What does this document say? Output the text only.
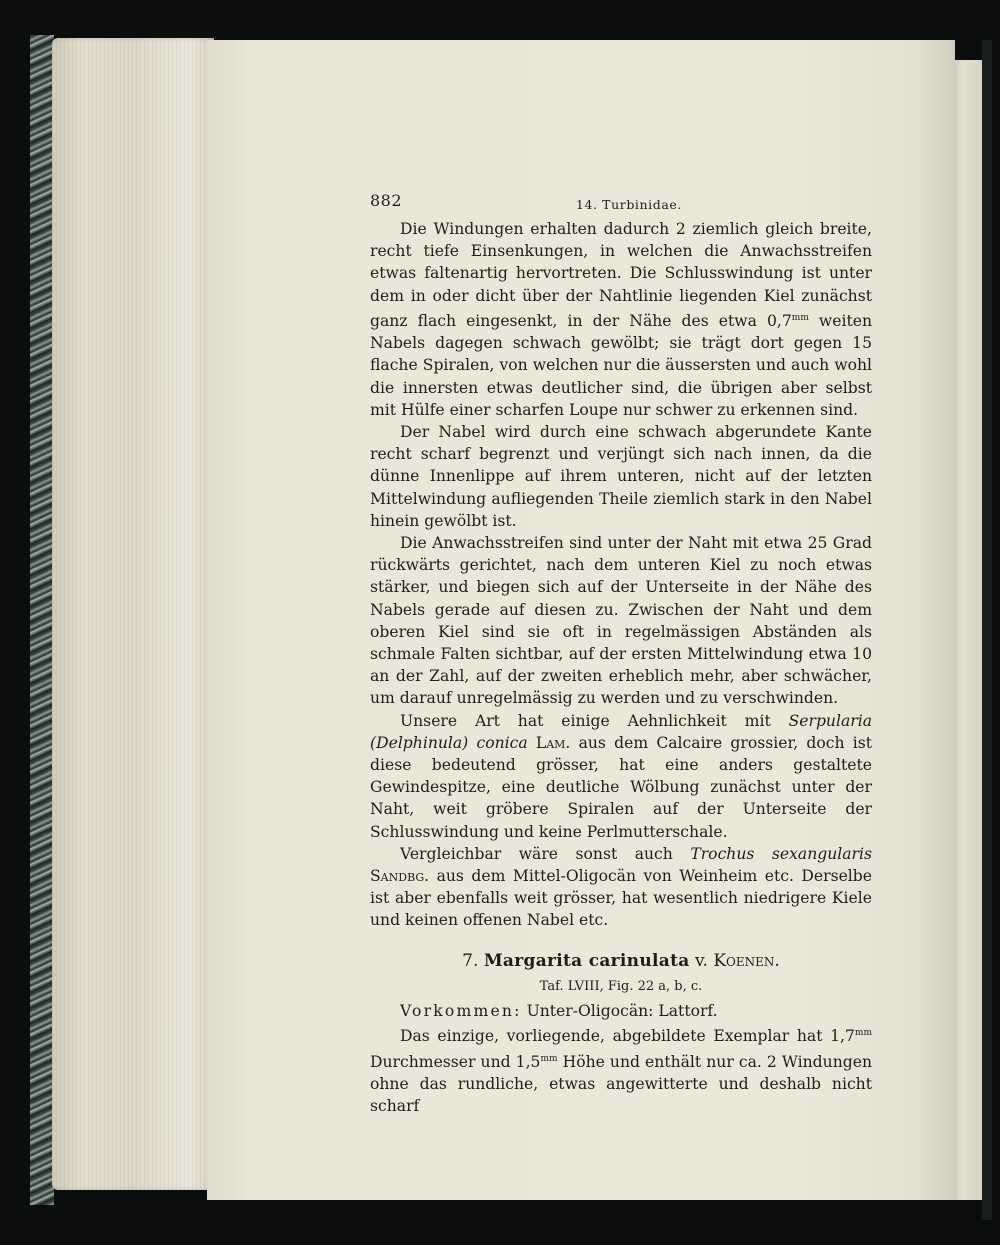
882	14. Turbinidae.

Die Windungen erhalten dadurch 2 ziemlich gleich breite, recht tiefe Einsenkungen, in welchen die Anwachsstreifen etwas faltenartig hervortreten. Die Schlusswindung ist unter dem in oder dicht über der Nahtlinie liegenden Kiel zunächst ganz flach eingesenkt, in der Nähe des etwa $0,7^{mm}$ weiten Nabels dagegen schwach gewölbt; sie trägt dort gegen 15 flache Spiralen, von welchen nur die äussersten und auch wohl die innersten etwas deutlicher sind, die übrigen aber selbst mit Hülfe einer scharfen Loupe nur schwer zu erkennen sind.

Der Nabel wird durch eine schwach abgerundete Kante recht scharf begrenzt und verjüngt sich nach innen, da die dünne Innenlippe auf ihrem unteren, nicht auf der letzten Mittelwindung aufliegenden Theile ziemlich stark in den Nabel hinein gewölbt ist.

Die Anwachsstreifen sind unter der Naht mit etwa 25 Grad rückwärts gerichtet, nach dem unteren Kiel zu noch etwas stärker, und biegen sich auf der Unterseite in der Nähe des Nabels gerade auf diesen zu. Zwischen der Naht und dem oberen Kiel sind sie oft in regelmässigen Abständen als schmale Falten sichtbar, auf der ersten Mittelwindung etwa 10 an der Zahl, auf der zweiten erheblich mehr, aber schwächer, um darauf unregelmässig zu werden und zu verschwinden.

Unsere Art hat einige Aehnlichkeit mit Serpularia (Delphinula) conica Lam. aus dem Calcaire grossier, doch ist diese bedeutend grösser, hat eine anders gestaltete Gewindespitze, eine deutliche Wölbung zunächst unter der Naht, weit gröbere Spiralen auf der Unterseite der Schlusswindung und keine Perlmutterschale.

Vergleichbar wäre sonst auch Trochus sexangularis Sandbg. aus dem Mittel-Oligocän von Weinheim etc. Derselbe ist aber ebenfalls weit grösser, hat wesentlich niedrigere Kiele und keinen offenen Nabel etc.

7. Margarita carinulata v. Koenen.
Taf. LVIII, Fig. 22 a, b, c.

Vorkommen: Unter-Oligocän: Lattorf.

Das einzige, vorliegende, abgebildete Exemplar hat $1,7^{mm}$ Durchmesser und $1,5^{mm}$ Höhe und enthält nur ca. 2 Windungen ohne das rundliche, etwas angewitterte und deshalb nicht scharf
